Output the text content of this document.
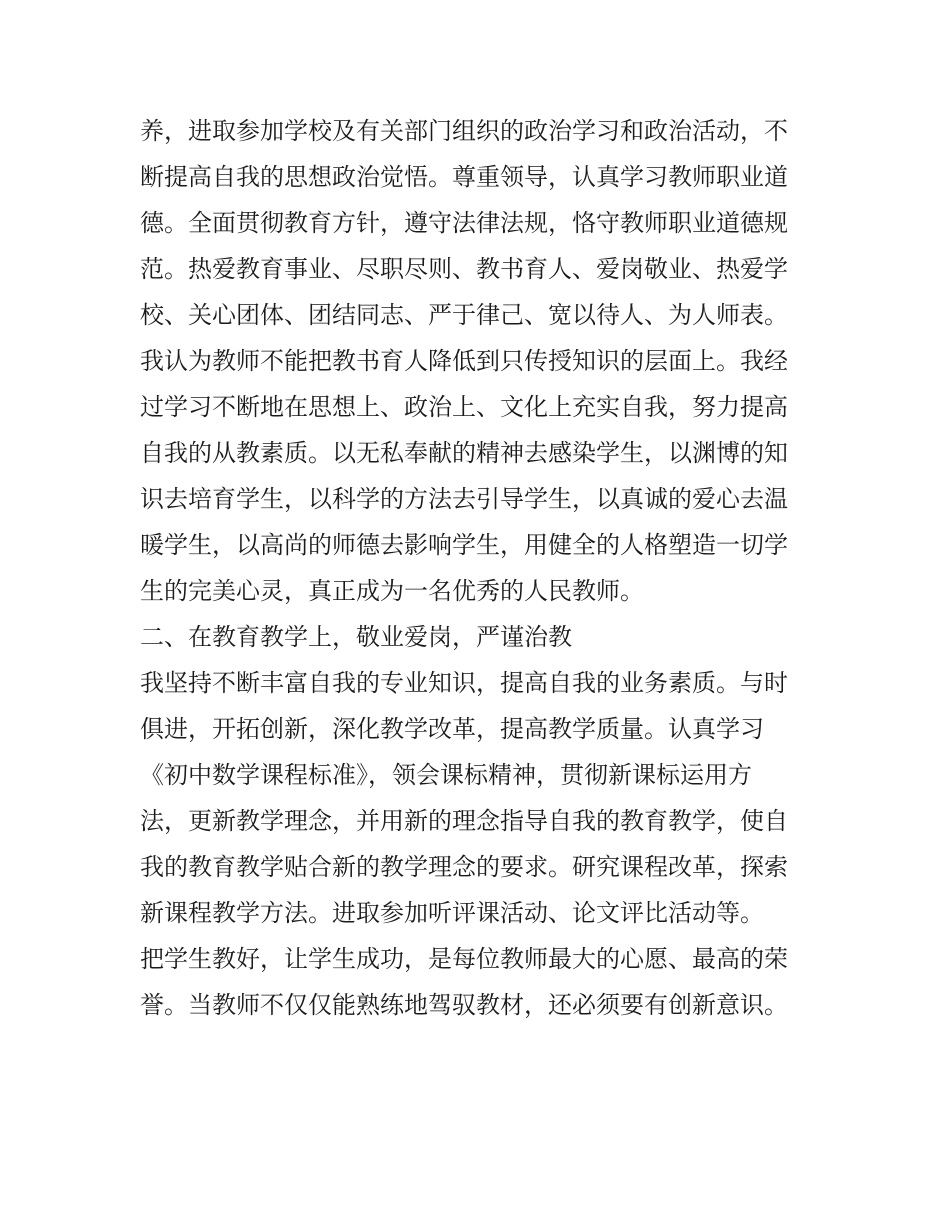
养，进取参加学校及有关部门组织的政治学习和政治活动，不
断提高自我的思想政治觉悟。尊重领导，认真学习教师职业道
德。全面贯彻教育方针，遵守法律法规，恪守教师职业道德规
范。热爱教育事业、尽职尽则、教书育人、爱岗敬业、热爱学
校、关心团体、团结同志、严于律己、宽以待人、为人师表。
我认为教师不能把教书育人降低到只传授知识的层面上。我经
过学习不断地在思想上、政治上、文化上充实自我，努力提高
自我的从教素质。以无私奉献的精神去感染学生，以渊博的知
识去培育学生，以科学的方法去引导学生，以真诚的爱心去温
暖学生，以高尚的师德去影响学生，用健全的人格塑造一切学
生的完美心灵，真正成为一名优秀的人民教师。
二、在教育教学上，敬业爱岗，严谨治教
我坚持不断丰富自我的专业知识，提高自我的业务素质。与时
俱进，开拓创新，深化教学改革，提高教学质量。认真学习
《初中数学课程标准》，领会课标精神，贯彻新课标运用方
法，更新教学理念，并用新的理念指导自我的教育教学，使自
我的教育教学贴合新的教学理念的要求。研究课程改革，探索
新课程教学方法。进取参加听评课活动、论文评比活动等。
把学生教好，让学生成功，是每位教师最大的心愿、最高的荣
誉。当教师不仅仅能熟练地驾驭教材，还必须要有创新意识。
